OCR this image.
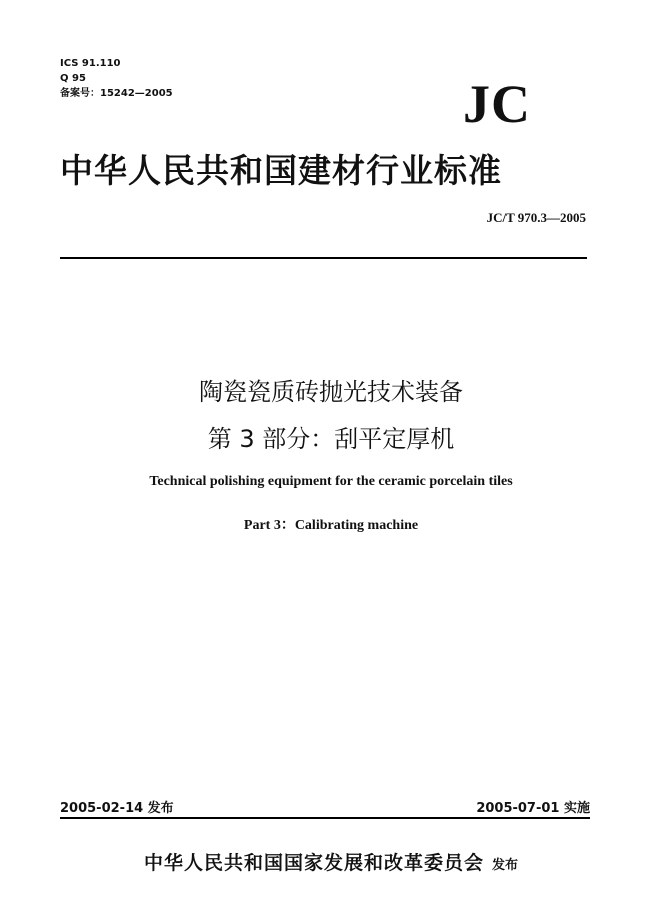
ICS 91.110
Q 95
备案号：15242—2005	JC
中华人民共和国建材行业标准
JC/T 970.3—2005
陶瓷瓷质砖抛光技术装备
第 3 部分：刮平定厚机
Technical polishing equipment for the ceramic porcelain tiles
Part 3：Calibrating machine
2005-02-14 发布	2005-07-01 实施
中华人民共和国国家发展和改革委员会 发布
